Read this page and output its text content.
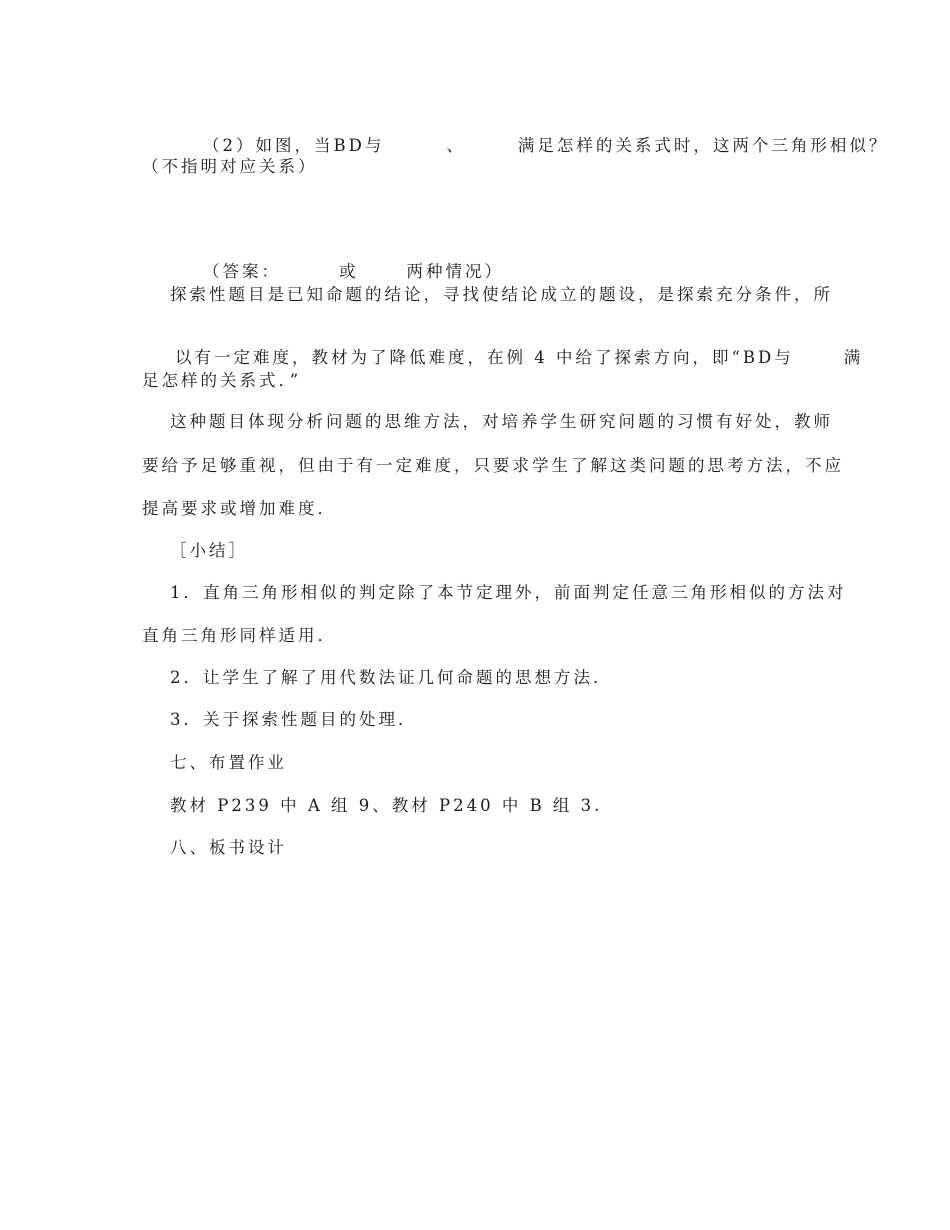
（2）如图，当BD与	、	满足怎样的关系式时，这两个三角形相似？

（不指明对应关系）

（答案：	或	两种情况）

探索性题目是已知命题的结论，寻找使结论成立的题设，是探索充分条件，所

以有一定难度，教材为了降低难度，在例 4 中给了探索方向，即“BD与	满

足怎样的关系式．”
这种题目体现分析问题的思维方法，对培养学生研究问题的习惯有好处，教师
要给予足够重视，但由于有一定难度，只要求学生了解这类问题的思考方法，不应
提高要求或增加难度．
［小结］
1．直角三角形相似的判定除了本节定理外，前面判定任意三角形相似的方法对
直角三角形同样适用．
2．让学生了解了用代数法证几何命题的思想方法．
3．关于探索性题目的处理．
七、布置作业
教材 P239 中 A 组 9、教材 P240 中 B 组 3.
八、板书设计
